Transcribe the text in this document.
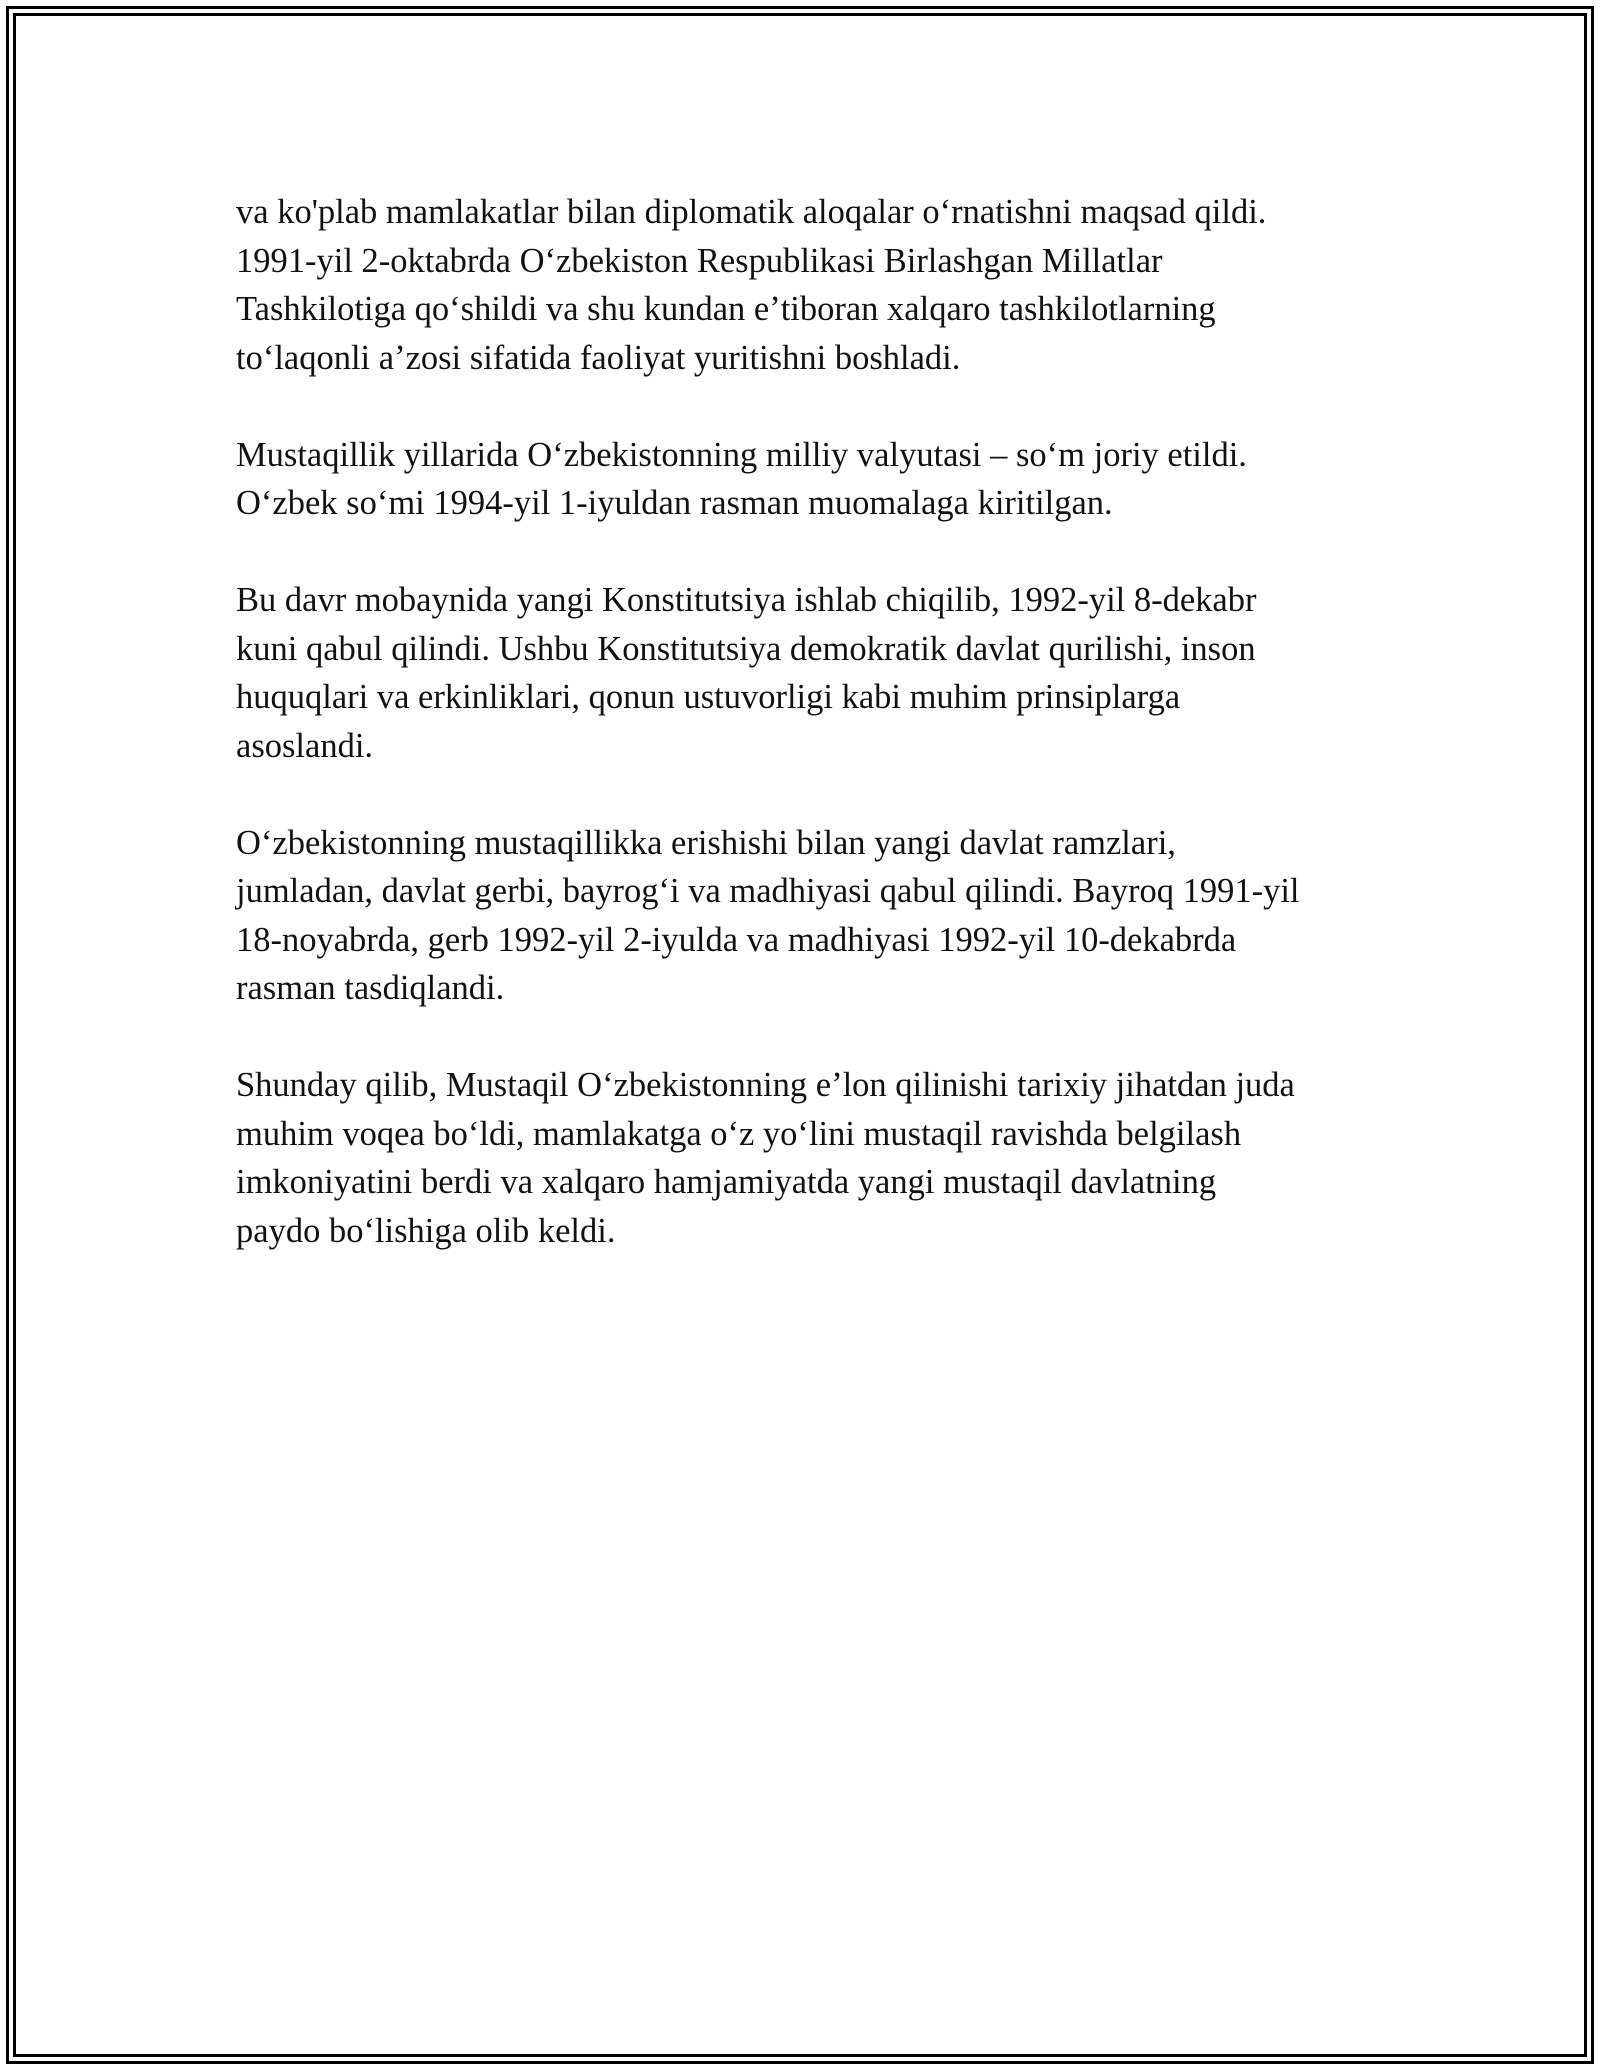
va ko'plab mamlakatlar bilan diplomatik aloqalar oʻrnatishni maqsad qildi.
1991-yil 2-oktabrda Oʻzbekiston Respublikasi Birlashgan Millatlar
Tashkilotiga qoʻshildi va shu kundan eʼtiboran xalqaro tashkilotlarning
toʻlaqonli aʼzosi sifatida faoliyat yuritishni boshladi.

Mustaqillik yillarida Oʻzbekistonning milliy valyutasi – soʻm joriy etildi.
Oʻzbek soʻmi 1994-yil 1-iyuldan rasman muomalaga kiritilgan.

Bu davr mobaynida yangi Konstitutsiya ishlab chiqilib, 1992-yil 8-dekabr
kuni qabul qilindi. Ushbu Konstitutsiya demokratik davlat qurilishi, inson
huquqlari va erkinliklari, qonun ustuvorligi kabi muhim prinsiplarga
asoslandi.

Oʻzbekistonning mustaqillikka erishishi bilan yangi davlat ramzlari,
jumladan, davlat gerbi, bayrogʻi va madhiyasi qabul qilindi. Bayroq 1991-yil
18-noyabrda, gerb 1992-yil 2-iyulda va madhiyasi 1992-yil 10-dekabrda
rasman tasdiqlandi.

Shunday qilib, Mustaqil Oʻzbekistonning eʼlon qilinishi tarixiy jihatdan juda
muhim voqea boʻldi, mamlakatga oʻz yoʻlini mustaqil ravishda belgilash
imkoniyatini berdi va xalqaro hamjamiyatda yangi mustaqil davlatning
paydo boʻlishiga olib keldi.
